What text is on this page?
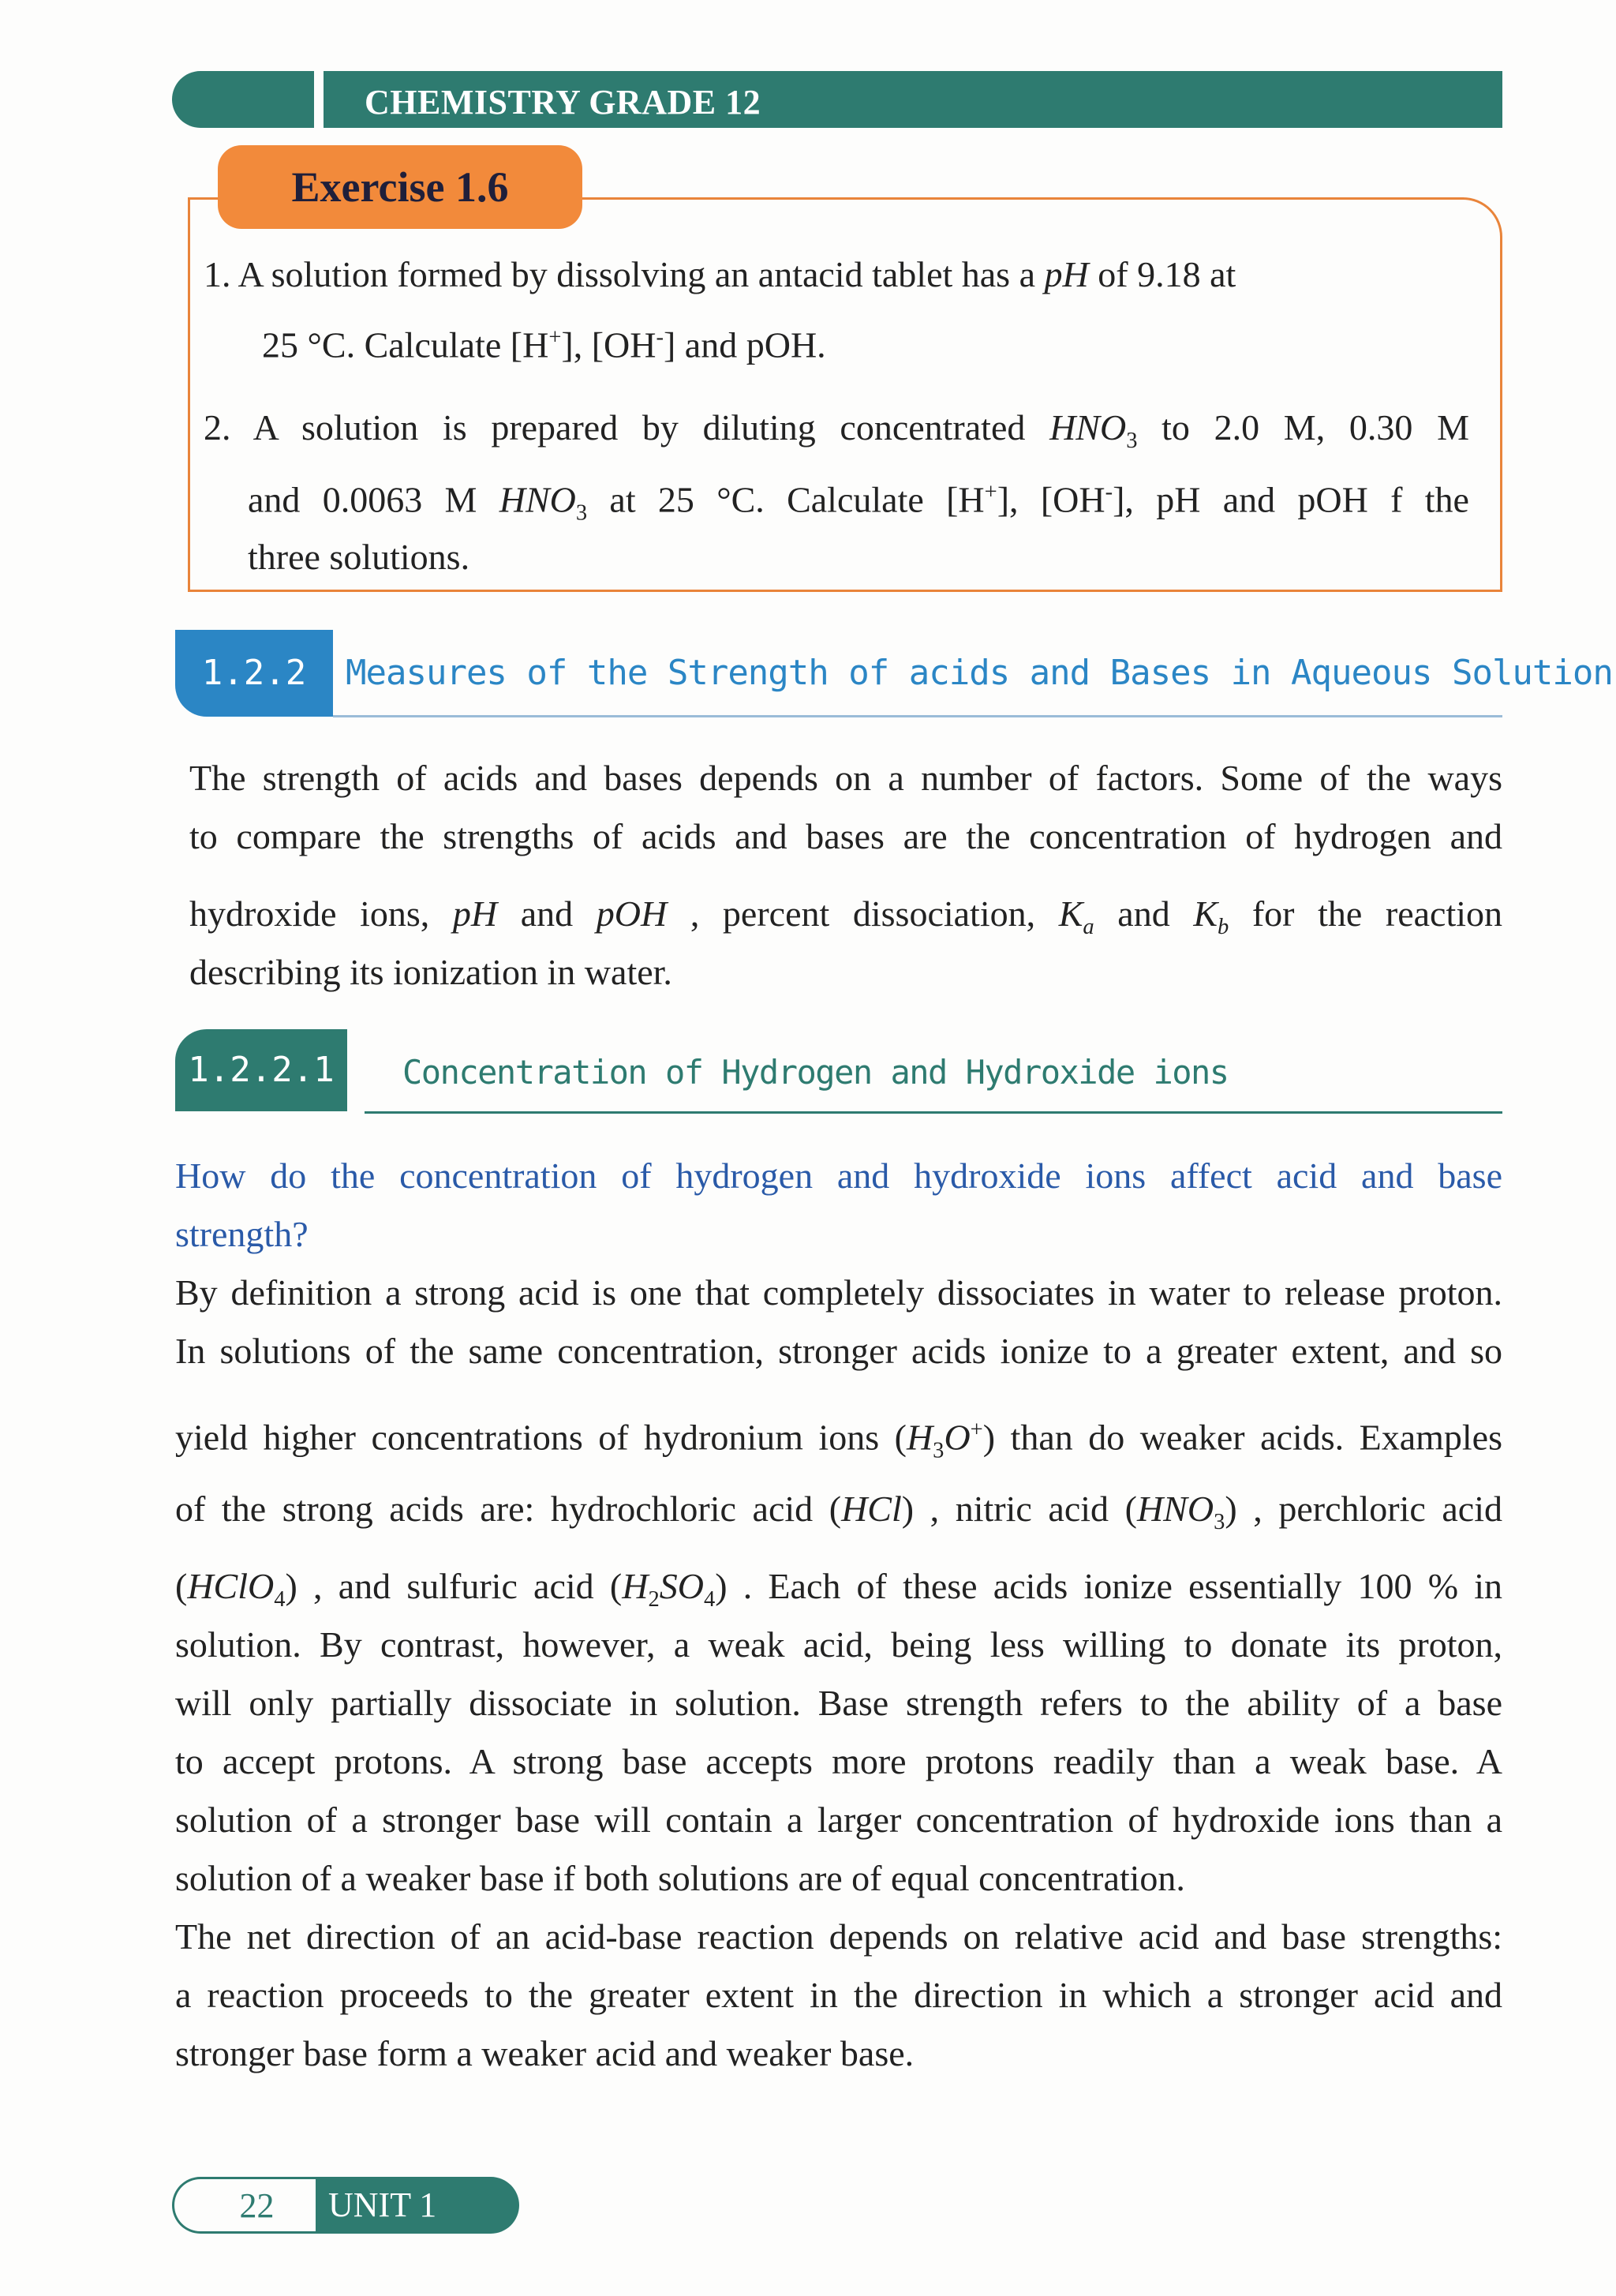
CHEMISTRY GRADE 12
Exercise 1.6
1. A solution formed by dissolving an antacid tablet has a pH of 9.18 at
25 °C. Calculate [H+], [OH-] and pOH.
2. A solution is prepared by diluting concentrated $HNO_3$ to 2.0 M, 0.30 M
and 0.0063 M $HNO_3$ at 25 °C. Calculate [H+], [OH-], pH and pOH f the
three solutions.
1.2.2	Measures of the Strength of acids and Bases in Aqueous Solution
The strength of acids and bases depends on a number of factors. Some of the ways
to compare the strengths of acids and bases are the concentration of hydrogen and
hydroxide ions, pH and pOH , percent dissociation, $K_a$ and $K_b$ for the reaction
describing its ionization in water.
1.2.2.1	Concentration of Hydrogen and Hydroxide ions
How do the concentration of hydrogen and hydroxide ions affect acid and base
strength?
By definition a strong acid is one that completely dissociates in water to release proton.
In solutions of the same concentration, stronger acids ionize to a greater extent, and so
yield higher concentrations of hydronium ions $(H_3O^+)$ than do weaker acids. Examples
of the strong acids are: hydrochloric acid (HCl) , nitric acid $(HNO_3)$ , perchloric acid
(HClO$_4$) , and sulfuric acid $(H_2SO_4)$ . Each of these acids ionize essentially 100 % in
solution. By contrast, however, a weak acid, being less willing to donate its proton,
will only partially dissociate in solution. Base strength refers to the ability of a base
to accept protons. A strong base accepts more protons readily than a weak base. A
solution of a stronger base will contain a larger concentration of hydroxide ions than a
solution of a weaker base if both solutions are of equal concentration.
The net direction of an acid-base reaction depends on relative acid and base strengths:
a reaction proceeds to the greater extent in the direction in which a stronger acid and
stronger base form a weaker acid and weaker base.
22	UNIT 1
